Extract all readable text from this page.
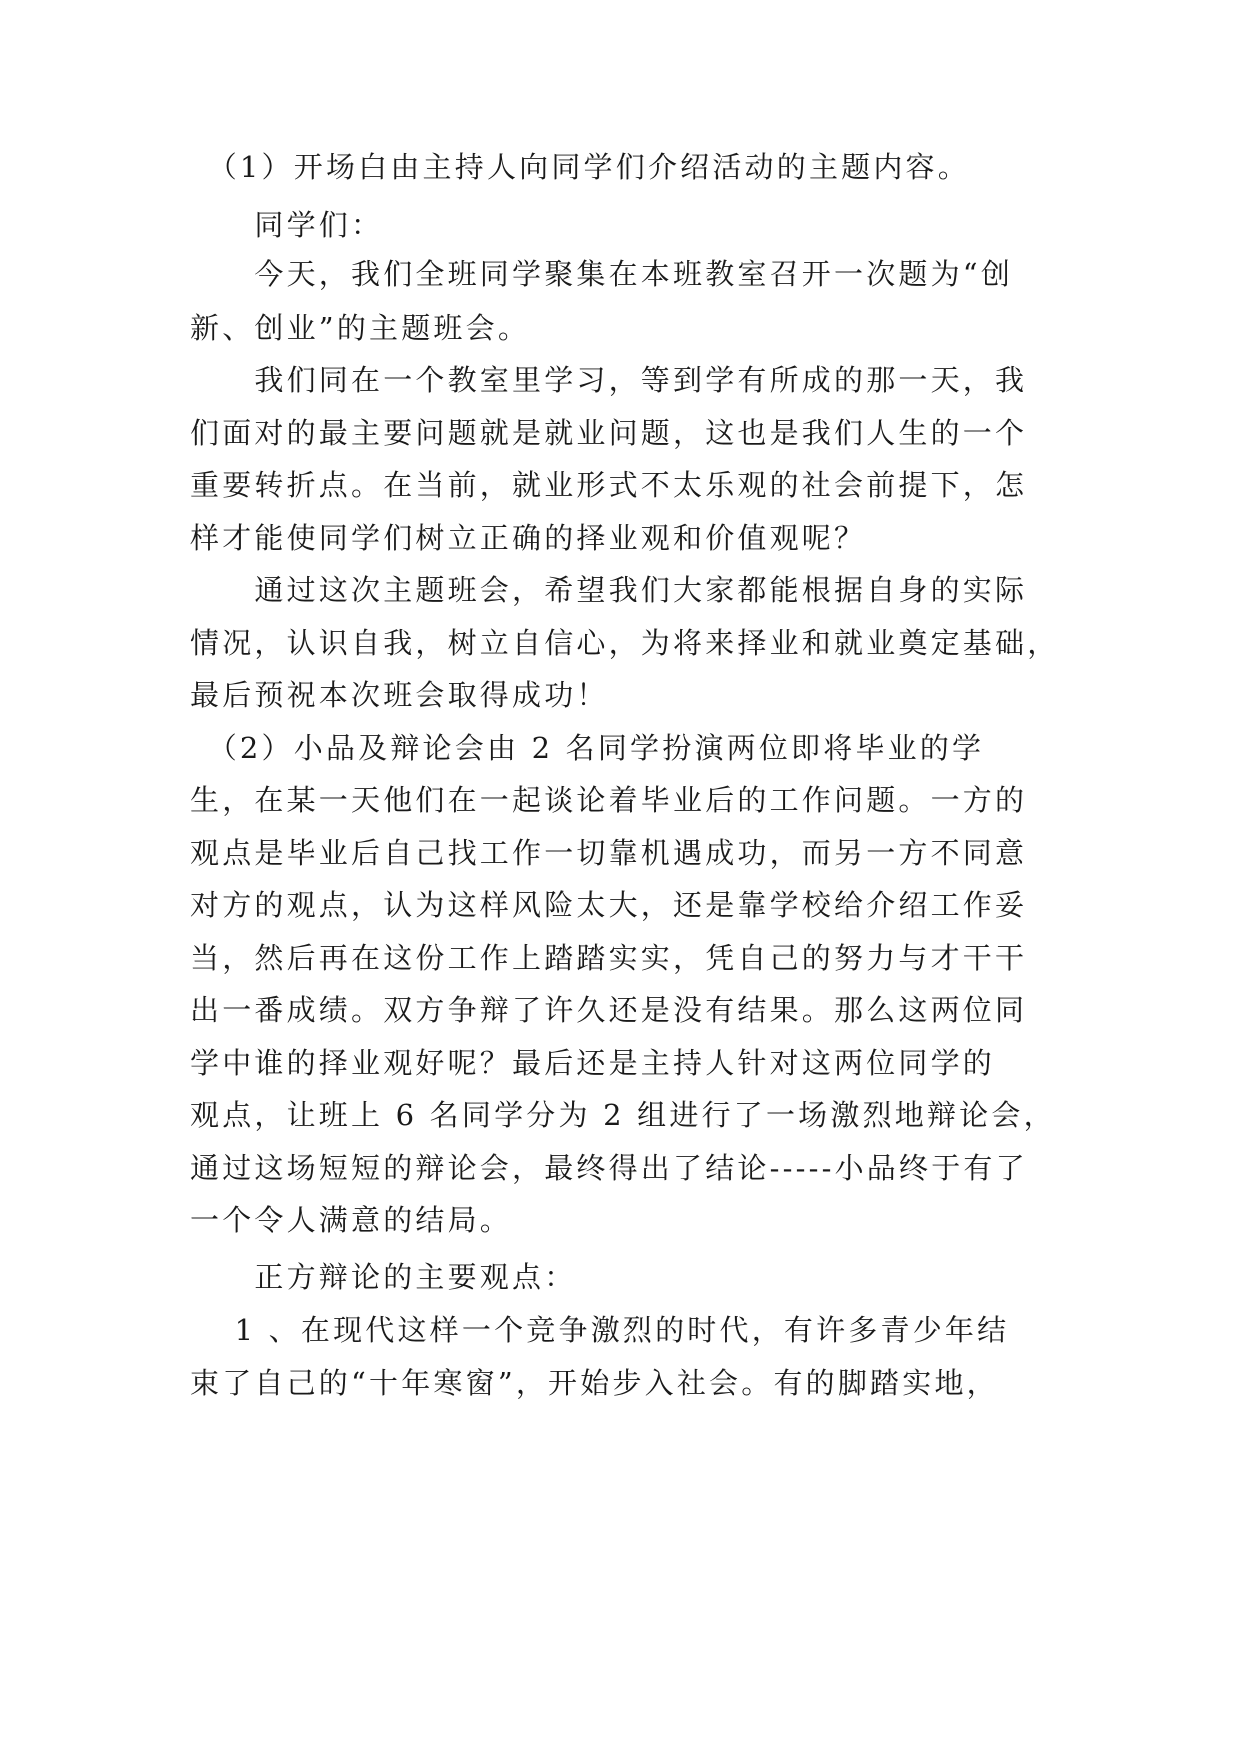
　（1）开场白由主持人向同学们介绍活动的主题内容。
　　同学们：
　　今天，我们全班同学聚集在本班教室召开一次题为“创
新、创业”的主题班会。
　　我们同在一个教室里学习，等到学有所成的那一天，我
们面对的最主要问题就是就业问题，这也是我们人生的一个
重要转折点。在当前，就业形式不太乐观的社会前提下，怎
样才能使同学们树立正确的择业观和价值观呢？
　　通过这次主题班会，希望我们大家都能根据自身的实际
情况，认识自我，树立自信心，为将来择业和就业奠定基础，
最后预祝本次班会取得成功！
　（2）小品及辩论会由 2 名同学扮演两位即将毕业的学
生，在某一天他们在一起谈论着毕业后的工作问题。一方的
观点是毕业后自己找工作一切靠机遇成功，而另一方不同意
对方的观点，认为这样风险太大，还是靠学校给介绍工作妥
当，然后再在这份工作上踏踏实实，凭自己的努力与才干干
出一番成绩。双方争辩了许久还是没有结果。那么这两位同
学中谁的择业观好呢？最后还是主持人针对这两位同学的
观点，让班上 6 名同学分为 2 组进行了一场激烈地辩论会，
通过这场短短的辩论会，最终得出了结论-----小品终于有了
一个令人满意的结局。
　　正方辩论的主要观点：
　 1 、在现代这样一个竞争激烈的时代，有许多青少年结
束了自己的“十年寒窗”，开始步入社会。有的脚踏实地，
